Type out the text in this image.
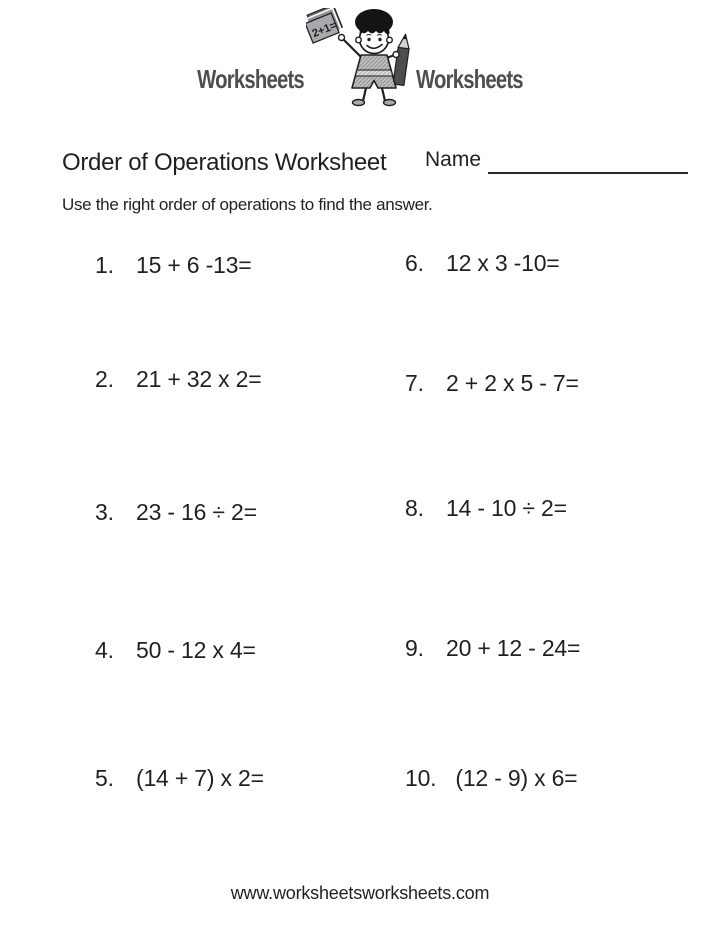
Worksheets
2+1=
Worksheets
Order of Operations Worksheet Name

Use the right order of operations to find the answer.

1. 15 + 6 -13=
2. 21 + 32 x 2=
3. 23 - 16 ÷ 2=
4. 50 - 12 x 4=
5. (14 + 7) x 2=
6. 12 x 3 -10=
7. 2 + 2 x 5 - 7=
8. 14 - 10 ÷ 2=
9. 20 + 12 - 24=
10. (12 - 9) x 6=
www.worksheetsworksheets.com
